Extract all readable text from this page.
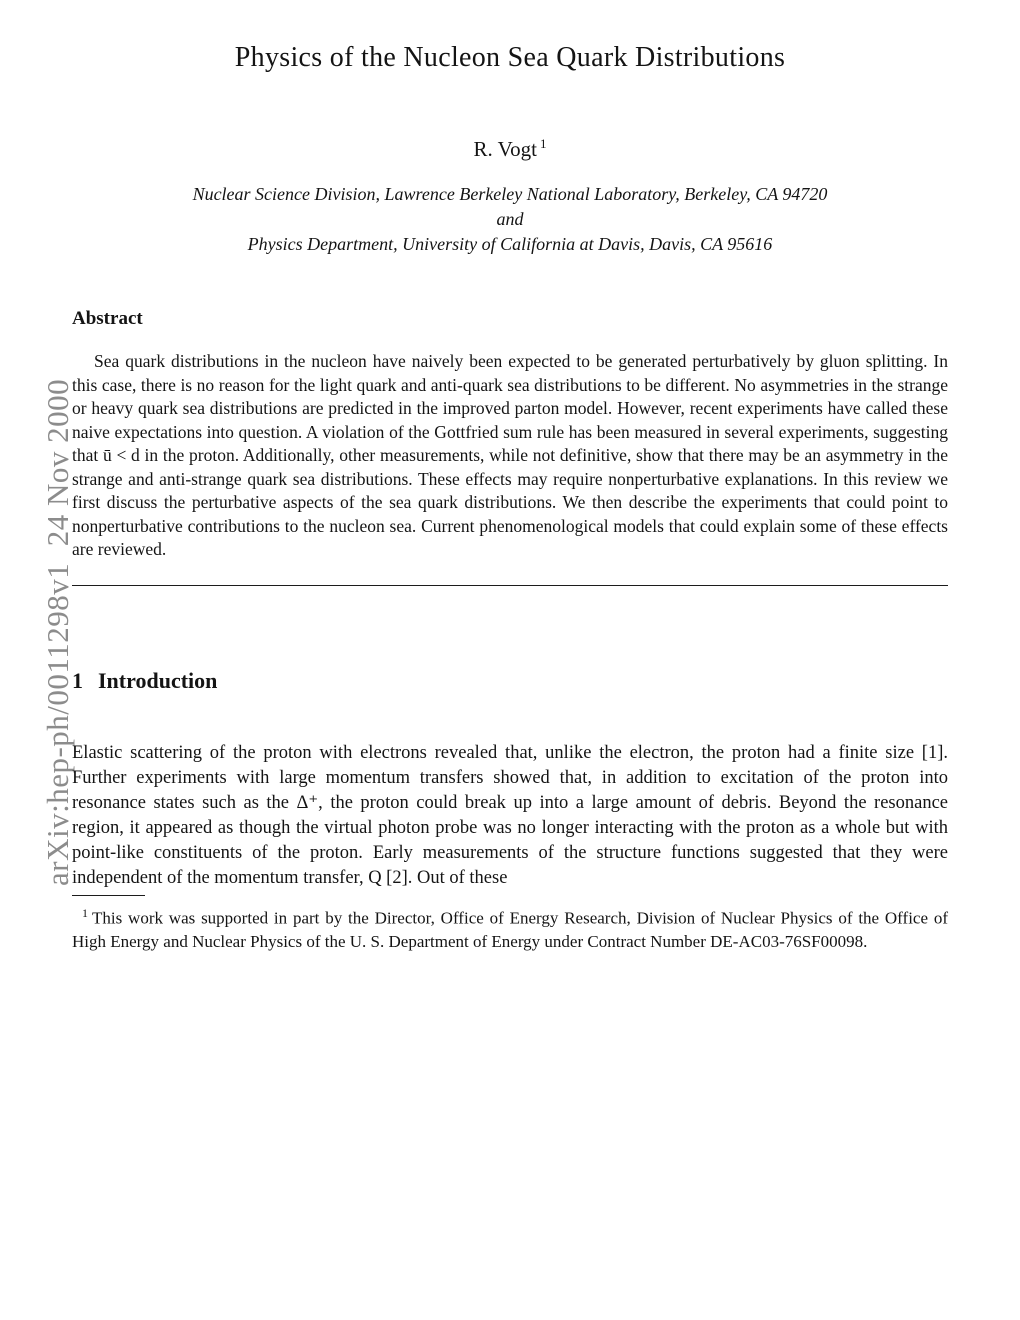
arXiv:hep-ph/0011298v1  24 Nov 2000
Physics of the Nucleon Sea Quark Distributions
R. Vogt $^1$
Nuclear Science Division, Lawrence Berkeley National Laboratory, Berkeley, CA 94720
and
Physics Department, University of California at Davis, Davis, CA 95616
Abstract

Sea quark distributions in the nucleon have naively been expected to be generated perturbatively by gluon splitting. In this case, there is no reason for the light quark and anti-quark sea distributions to be different. No asymmetries in the strange or heavy quark sea distributions are predicted in the improved parton model. However, recent experiments have called these naive expectations into question. A violation of the Gottfried sum rule has been measured in several experiments, suggesting that ū < d in the proton. Additionally, other measurements, while not definitive, show that there may be an asymmetry in the strange and anti-strange quark sea distributions. These effects may require nonperturbative explanations. In this review we first discuss the perturbative aspects of the sea quark distributions. We then describe the experiments that could point to nonperturbative contributions to the nucleon sea. Current phenomenological models that could explain some of these effects are reviewed.

1 Introduction

Elastic scattering of the proton with electrons revealed that, unlike the electron, the proton had a finite size [1]. Further experiments with large momentum transfers showed that, in addition to excitation of the proton into resonance states such as the Δ⁺, the proton could break up into a large amount of debris. Beyond the resonance region, it appeared as though the virtual photon probe was no longer interacting with the proton as a whole but with point-like constituents of the proton. Early measurements of the structure functions suggested that they were independent of the momentum transfer, Q [2]. Out of these

$^1$ This work was supported in part by the Director, Office of Energy Research, Division of Nuclear Physics of the Office of High Energy and Nuclear Physics of the U. S. Department of Energy under Contract Number DE-AC03-76SF00098.
